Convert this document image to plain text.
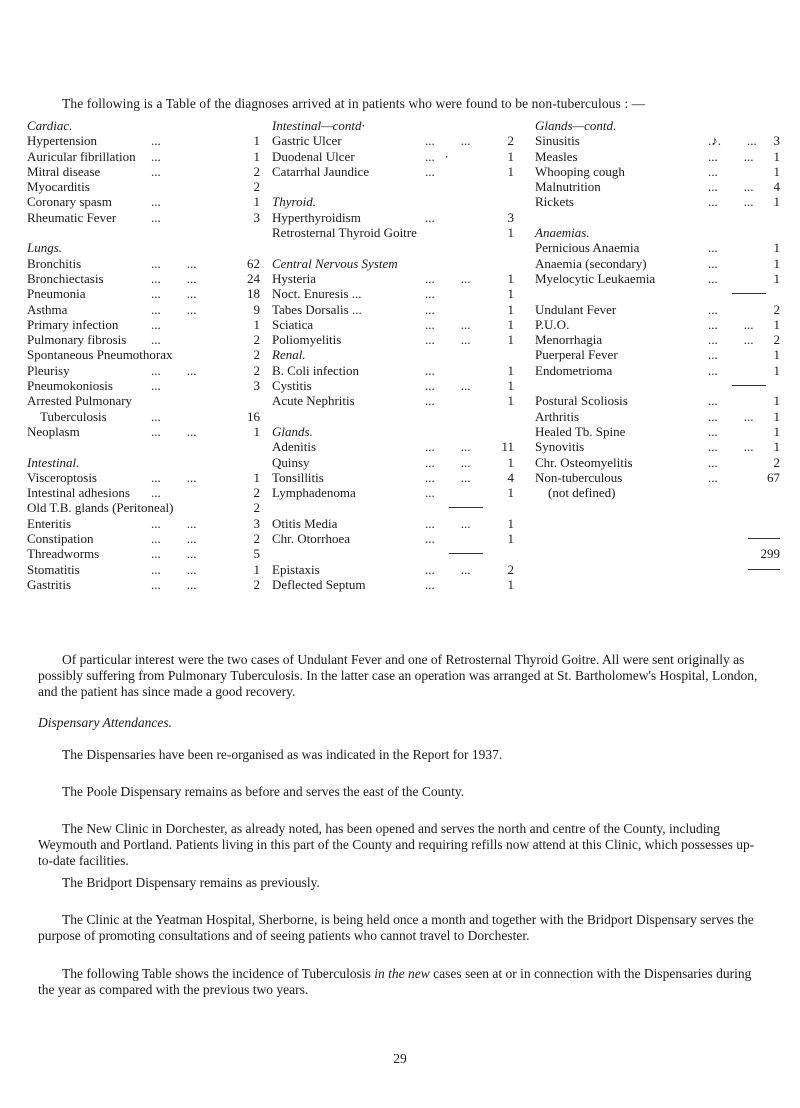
The following is a Table of the diagnoses arrived at in patients who were found to be non-tuberculous : —
Cardiac.
Hypertension	...	1
Auricular fibrillation ...	1
Mitral disease	...	2
Myocarditis	2
Coronary spasm	...	1
Rheumatic Fever	...	3
Lungs.
Bronchitis	...        ...	62
Bronchiectasis	...        ...	24
Pneumonia	...        ...	18
Asthma	...        ...	9
Primary infection	...	1
Pulmonary fibrosis ...	2
Spontaneous Pneumothorax	2
Pleurisy	...        ...	2
Pneumokoniosis	...	3
Arrested Pulmonary
Tuberculosis	...	16
Neoplasm	...        ...	1
Intestinal.
Visceroptosis	...        ...	1
Intestinal adhesions ...	2
Old T.B. glands (Peritoneal)	2
Enteritis	...        ...	3
Constipation	...        ...	2
Threadworms	...        ...	5
Stomatitis	...        ...	1
Gastritis	...        ...	2
Intestinal—contd·
Gastric Ulcer	...        ...	2
Duodenal Ulcer	...   ·	1
Catarrhal Jaundice	...	1
Thyroid.
Hyperthyroidism	...	3
Retrosternal Thyroid Goitre	1
Central Nervous System
Hysteria	...        ...	1
Noct. Enuresis ...	...	1
Tabes Dorsalis ...	...	1
Sciatica	...        ...	1
Poliomyelitis	...        ...	1
Renal.
B. Coli infection	...	1
Cystitis	...        ...	1
Acute Nephritis	...	1
Glands.
Adenitis	...        ...	11
Quinsy	...        ...	1
Tonsillitis	...        ...	4
Lymphadenoma	...	1
Otitis Media	...        ...	1
Chr. Otorrhoea	...	1
Epistaxis	...        ...	2
Deflected Septum	...	1
Glands—contd.
Sinusitis	.♪.        ...	3
Measles	...        ...	1
Whooping cough	...	1
Malnutrition	...        ...	4
Rickets	...        ...	1
Anaemias.
Pernicious Anaemia	...	1
Anaemia (secondary)	...	1
Myelocytic Leukaemia	...	1
Undulant Fever	...	2
P.U.O.	...        ...	1
Menorrhagia	...        ...	2
Puerperal Fever	...	1
Endometrioma	...	1
Postural Scoliosis	...	1
Arthritis	...        ...	1
Healed Tb. Spine	...	1
Synovitis	...        ...	1
Chr. Osteomyelitis	...	2
Non-tuberculous	...	67
(not defined)
299

Of particular interest were the two cases of Undulant Fever and one of Retrosternal Thyroid Goitre. All were sent originally as possibly suffering from Pulmonary Tuberculosis. In the latter case an operation was arranged at St. Bartholomew's Hospital, London, and the patient has since made a good recovery.

Dispensary Attendances.

The Dispensaries have been re-organised as was indicated in the Report for 1937.

The Poole Dispensary remains as before and serves the east of the County.

The New Clinic in Dorchester, as already noted, has been opened and serves the north and centre of the County, including Weymouth and Portland. Patients living in this part of the County and requiring refills now attend at this Clinic, which possesses up-to-date facilities.

The Bridport Dispensary remains as previously.

The Clinic at the Yeatman Hospital, Sherborne, is being held once a month and together with the Bridport Dispensary serves the purpose of promoting consultations and of seeing patients who cannot travel to Dorchester.

The following Table shows the incidence of Tuberculosis in the new cases seen at or in connection with the Dispensaries during the year as compared with the previous two years.

29
